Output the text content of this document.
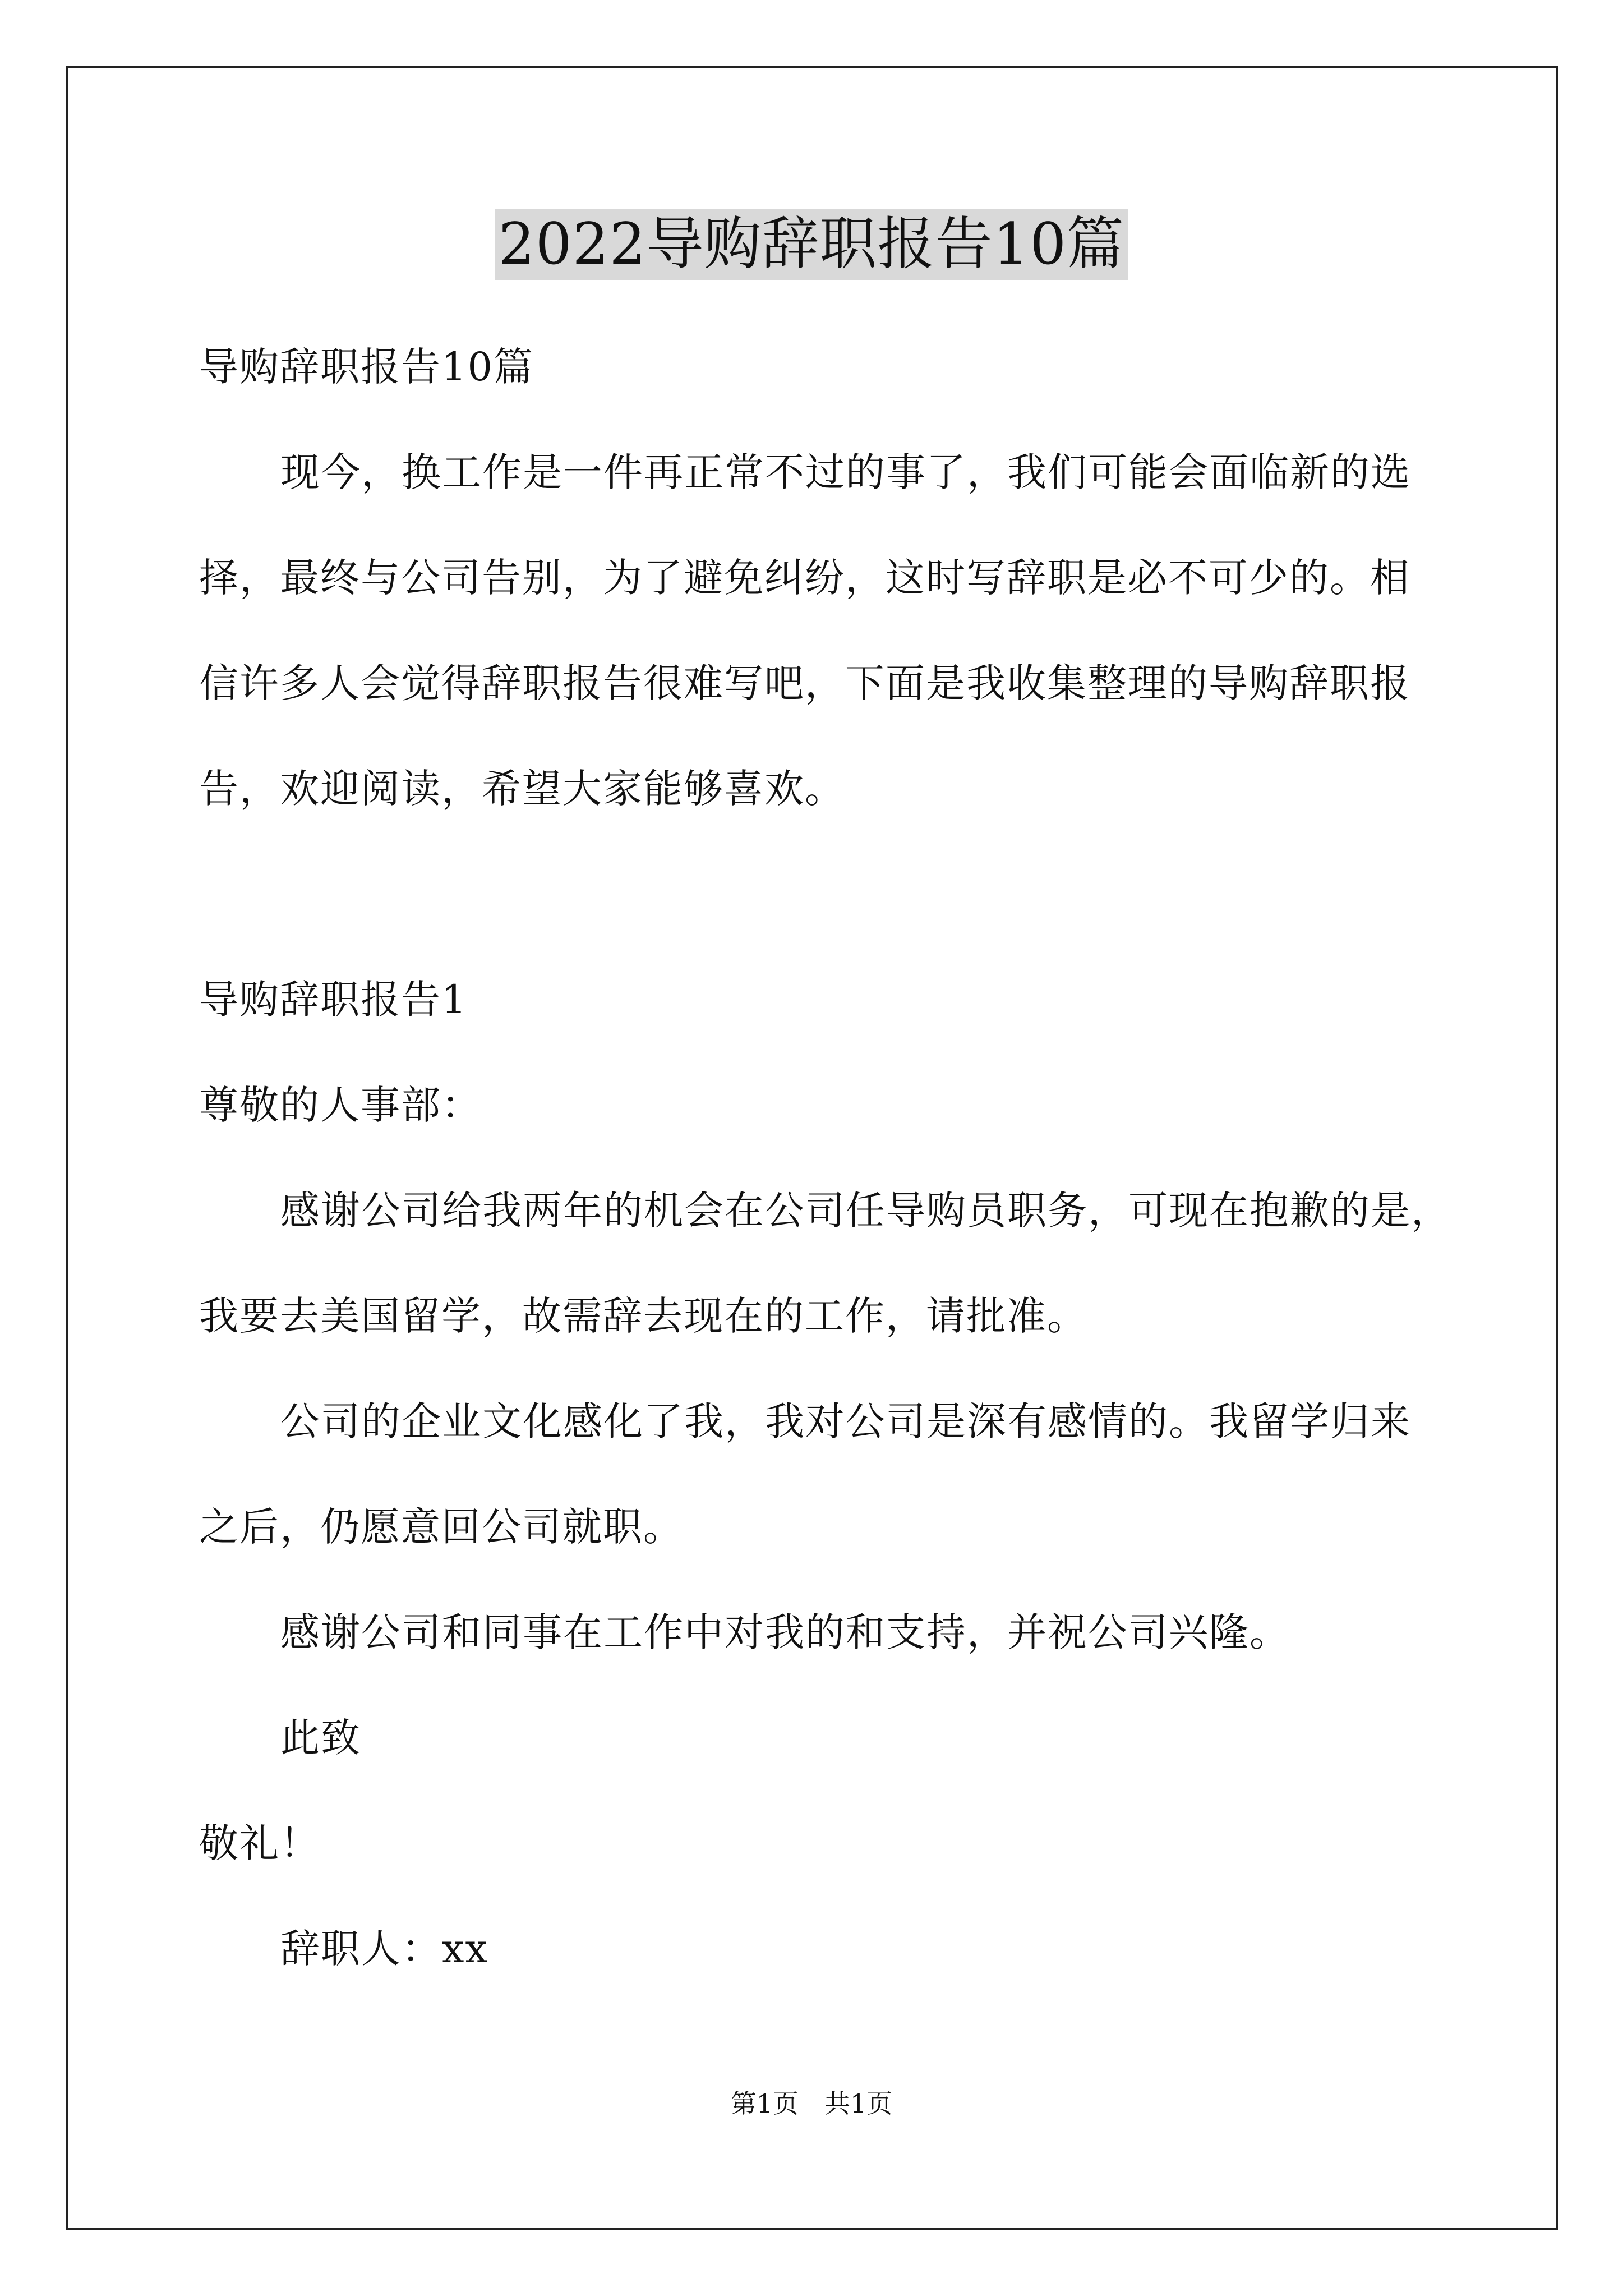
2022导购辞职报告10篇
导购辞职报告10篇
现今，换工作是一件再正常不过的事了，我们可能会面临新的选
择，最终与公司告别，为了避免纠纷，这时写辞职是必不可少的。相
信许多人会觉得辞职报告很难写吧，下面是我收集整理的导购辞职报
告，欢迎阅读，希望大家能够喜欢。
导购辞职报告1
尊敬的人事部：
感谢公司给我两年的机会在公司任导购员职务，可现在抱歉的是，
我要去美国留学，故需辞去现在的工作，请批准。
公司的企业文化感化了我，我对公司是深有感情的。我留学归来
之后，仍愿意回公司就职。
感谢公司和同事在工作中对我的和支持，并祝公司兴隆。
此致
敬礼！
辞职人：xx
第1页　共1页
